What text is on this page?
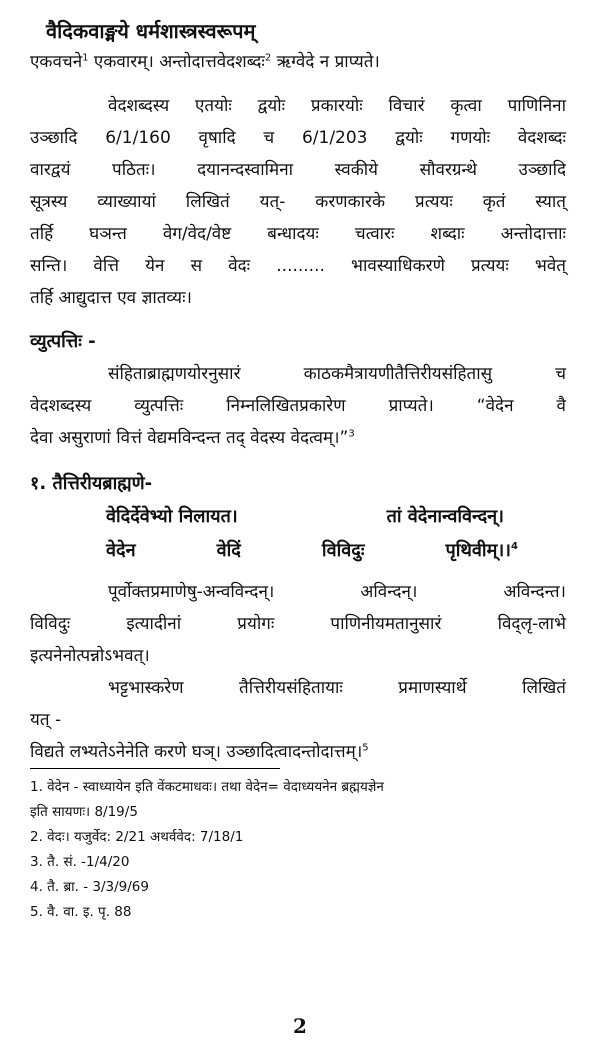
वैदिकवाङ्मये धर्मशास्त्रस्वरूपम्
एकवचने$^1$ एकवारम्। अन्तोदात्तवेदशब्दः$^2$ ऋग्वेदे न प्राप्यते।
वेदशब्दस्य एतयोः द्वयोः प्रकारयोः विचारं कृत्वा पाणिनिना
उञ्छादि 6/1/160 वृषादि च 6/1/203 द्वयोः गणयोः वेदशब्दः
वारद्वयं पठितः। दयानन्दस्वामिना स्वकीये सौवरग्रन्थे उञ्छादि
सूत्रस्य व्याख्यायां लिखितं यत्- करणकारके प्रत्ययः कृतं स्यात्
तर्हि घञन्त वेग/वेद/वेष्ट बन्धादयः चत्वारः शब्दाः अन्तोदात्ताः
सन्ति। वेत्ति येन स वेदः ......... भावस्याधिकरणे प्रत्ययः भवेत्
तर्हि आद्युदात्त एव ज्ञातव्यः।
व्युत्पत्तिः -
संहिताब्राह्मणयोरनुसारं काठकमैत्रायणीतैत्तिरीयसंहितासु च
वेदशब्दस्य व्युत्पत्तिः निम्नलिखितप्रकारेण प्राप्यते। “वेदेन वै
देवा असुराणां वित्तं वेद्यमविन्दन्त तद् वेदस्य वेदत्वम्।”$^3$
१. तैत्तिरीयब्राह्मणे-
वेदिर्देवेभ्यो निलायत।	तां वेदेनान्वविन्दन्।
वेदेन	वेदिं	विविदुः	पृथिवीम्।।$^4$
पूर्वोक्तप्रमाणेषु-अन्वविन्दन्। अविन्दन्। अविन्दन्त।
विविदुः इत्यादीनां प्रयोगः पाणिनीयमतानुसारं विद्लृ-लाभे
इत्यनेनोत्पन्नोऽभवत्।
भट्टभास्करेण तैत्तिरीयसंहितायाः प्रमाणस्यार्थे लिखितं
यत् -
विद्यते लभ्यतेऽनेनेति करणे घञ्। उञ्छादित्वादन्तोदात्तम्।$^5$
1. वेदेन - स्वाध्यायेन इति वेंकटमाधवः। तथा वेदेन= वेदाध्ययनेन ब्रह्मयज्ञेन
इति सायणः। 8/19/5
2. वेदः। यजुर्वेद: 2/21 अथर्ववेद: 7/18/1
3. तै. सं. -1/4/20
4. तै. ब्रा. - 3/3/9/69
5. वै. वा. इ. पृ. 88
2
